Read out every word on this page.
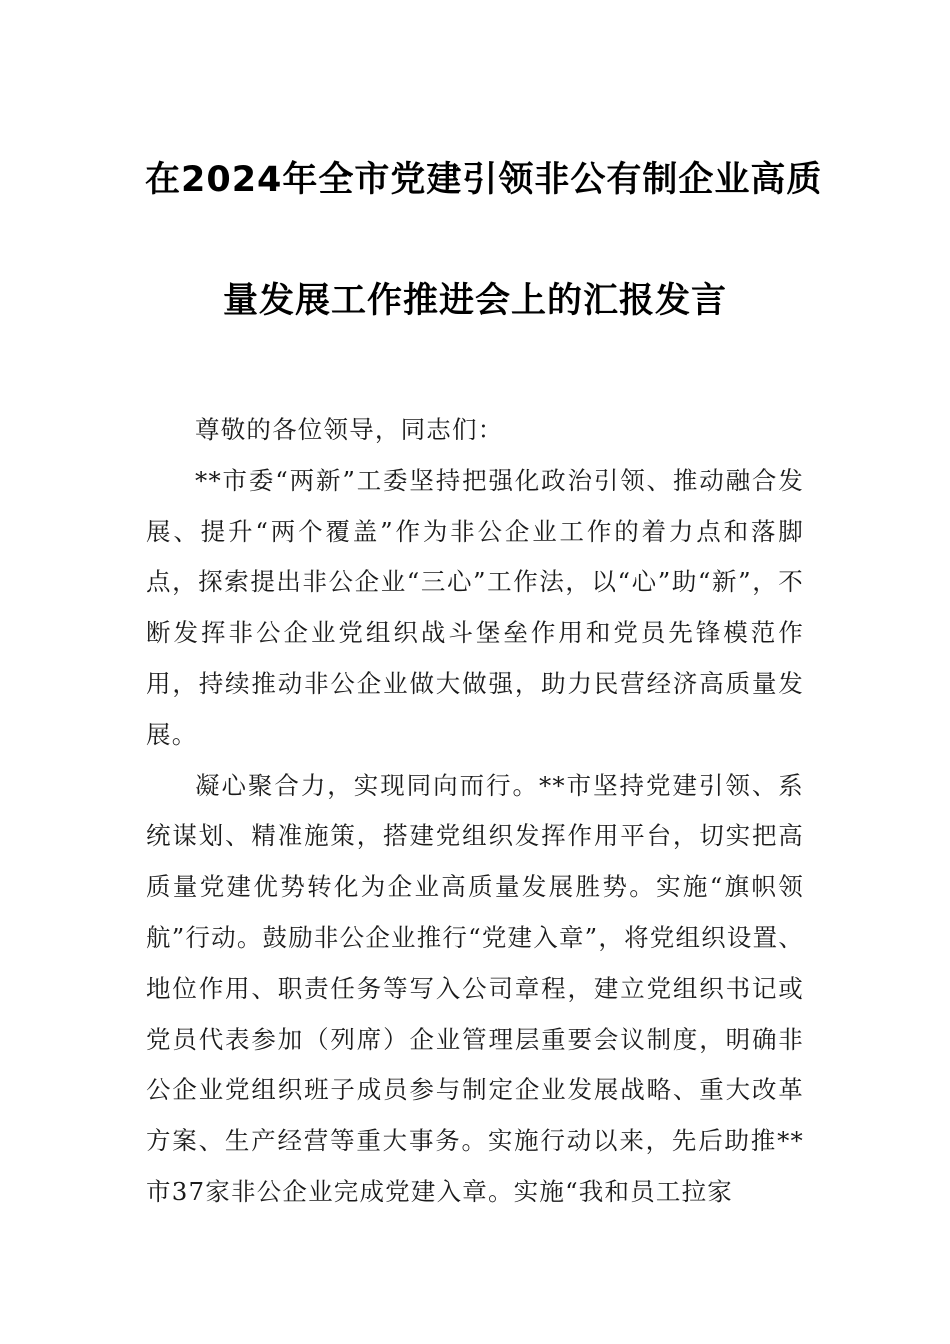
在2024年全市党建引领非公有制企业高质
量发展工作推进会上的汇报发言

尊敬的各位领导，同志们：

**市委“两新”工委坚持把强化政治引领、推动融合发展、提升“两个覆盖”作为非公企业工作的着力点和落脚点，探索提出非公企业“三心”工作法，以“心”助“新”，不断发挥非公企业党组织战斗堡垒作用和党员先锋模范作用，持续推动非公企业做大做强，助力民营经济高质量发展。

凝心聚合力，实现同向而行。**市坚持党建引领、系统谋划、精准施策，搭建党组织发挥作用平台，切实把高质量党建优势转化为企业高质量发展胜势。实施“旗帜领航”行动。鼓励非公企业推行“党建入章”，将党组织设置、地位作用、职责任务等写入公司章程，建立党组织书记或党员代表参加（列席）企业管理层重要会议制度，明确非公企业党组织班子成员参与制定企业发展战略、重大改革方案、生产经营等重大事务。实施行动以来，先后助推**市37家非公企业完成党建入章。实施“我和员工拉家
